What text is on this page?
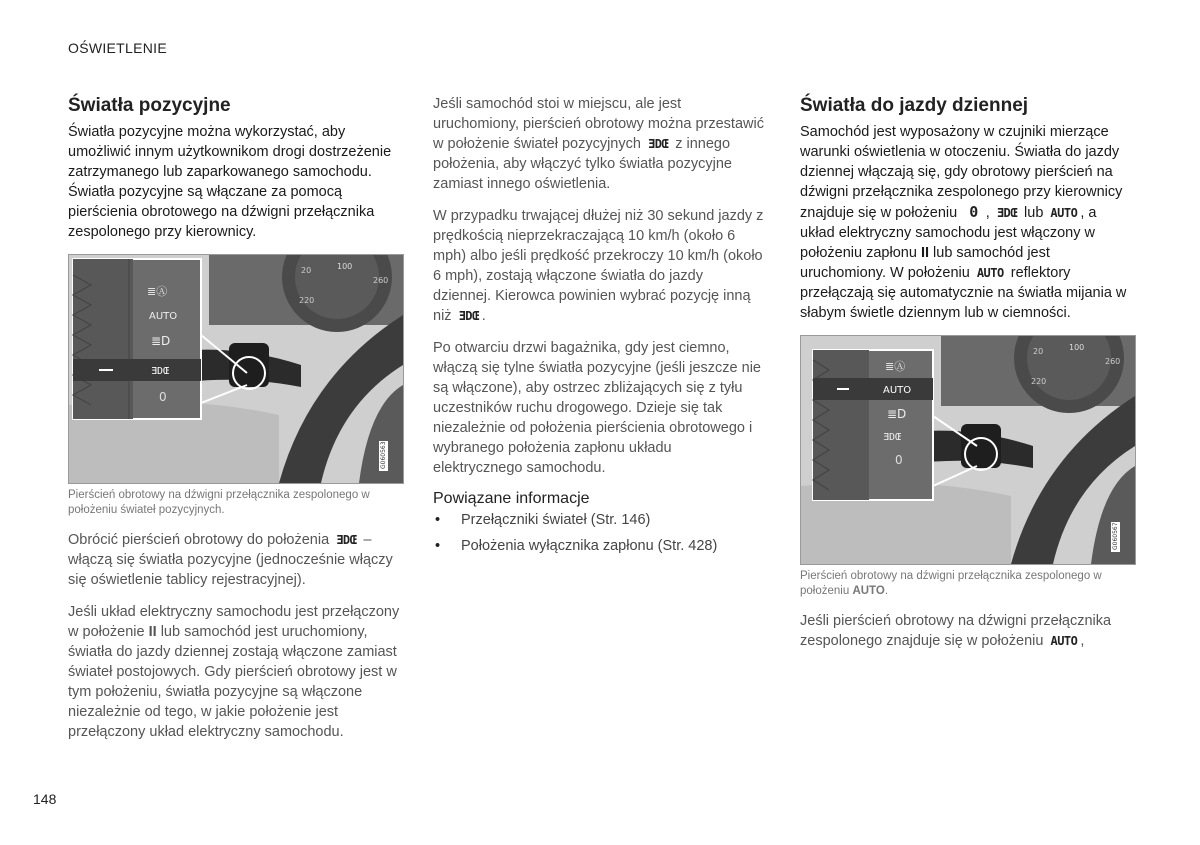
OŚWIETLENIE
Światła pozycyjne

Światła pozycyjne można wykorzystać, aby umożliwić innym użytkownikom drogi dostrzeżenie zatrzymanego lub zaparkowanego samochodu. Światła pozycyjne są włączane za pomocą pierścienia obrotowego na dźwigni przełącznika zespolonego przy kierownicy.

20	100
260
220
≣Ⓐ
AUTO
≣D
ƎDŒ
0
G060563

Pierścień obrotowy na dźwigni przełącznika zespolonego w położeniu świateł pozycyjnych.

Obrócić pierścień obrotowy do położenia ƎDŒ – włączą się światła pozycyjne (jednocześnie włączy się oświetlenie tablicy rejestracyjnej).

Jeśli układ elektryczny samochodu jest przełączony w położenie II lub samochód jest uruchomiony, światła do jazdy dziennej zostają włączone zamiast świateł postojowych. Gdy pierścień obrotowy jest w tym położeniu, światła pozycyjne są włączone niezależnie od tego, w jakie położenie jest przełączony układ elektryczny samochodu.

Jeśli samochód stoi w miejscu, ale jest uruchomiony, pierścień obrotowy można przestawić w położenie świateł pozycyjnych ƎDŒ z innego położenia, aby włączyć tylko światła pozycyjne zamiast innego oświetlenia.

W przypadku trwającej dłużej niż 30 sekund jazdy z prędkością nieprzekraczającą 10 km/h (około 6 mph) albo jeśli prędkość przekroczy 10 km/h (około 6 mph), zostają włączone światła do jazdy dziennej. Kierowca powinien wybrać pozycję inną niż ƎDŒ .

Po otwarciu drzwi bagażnika, gdy jest ciemno, włączą się tylne światła pozycyjne (jeśli jeszcze nie są włączone), aby ostrzec zbliżających się z tyłu uczestników ruchu drogowego. Dzieje się tak niezależnie od położenia pierścienia obrotowego i wybranego położenia zapłonu układu elektrycznego samochodu.

Powiązane informacje
• Przełączniki świateł (Str. 146)
• Położenia wyłącznika zapłonu (Str. 428)
Światła do jazdy dziennej

Samochód jest wyposażony w czujniki mierzące warunki oświetlenia w otoczeniu. Światła do jazdy dziennej włączają się, gdy obrotowy pierścień na dźwigni przełącznika zespolonego przy kierownicy znajduje się w położeniu 0 , ƎDŒ lub AUTO , a układ elektryczny samochodu jest włączony w położeniu zapłonu II lub samochód jest uruchomiony. W położeniu AUTO reflektory przełączają się automatycznie na światła mijania w słabym świetle dziennym lub w ciemności.

20	100
260
220
≣Ⓐ
AUTO
≣D
ƎDŒ
0
G060567

Pierścień obrotowy na dźwigni przełącznika zespolonego w położeniu AUTO.

Jeśli pierścień obrotowy na dźwigni przełącznika zespolonego znajduje się w położeniu AUTO ,

148
